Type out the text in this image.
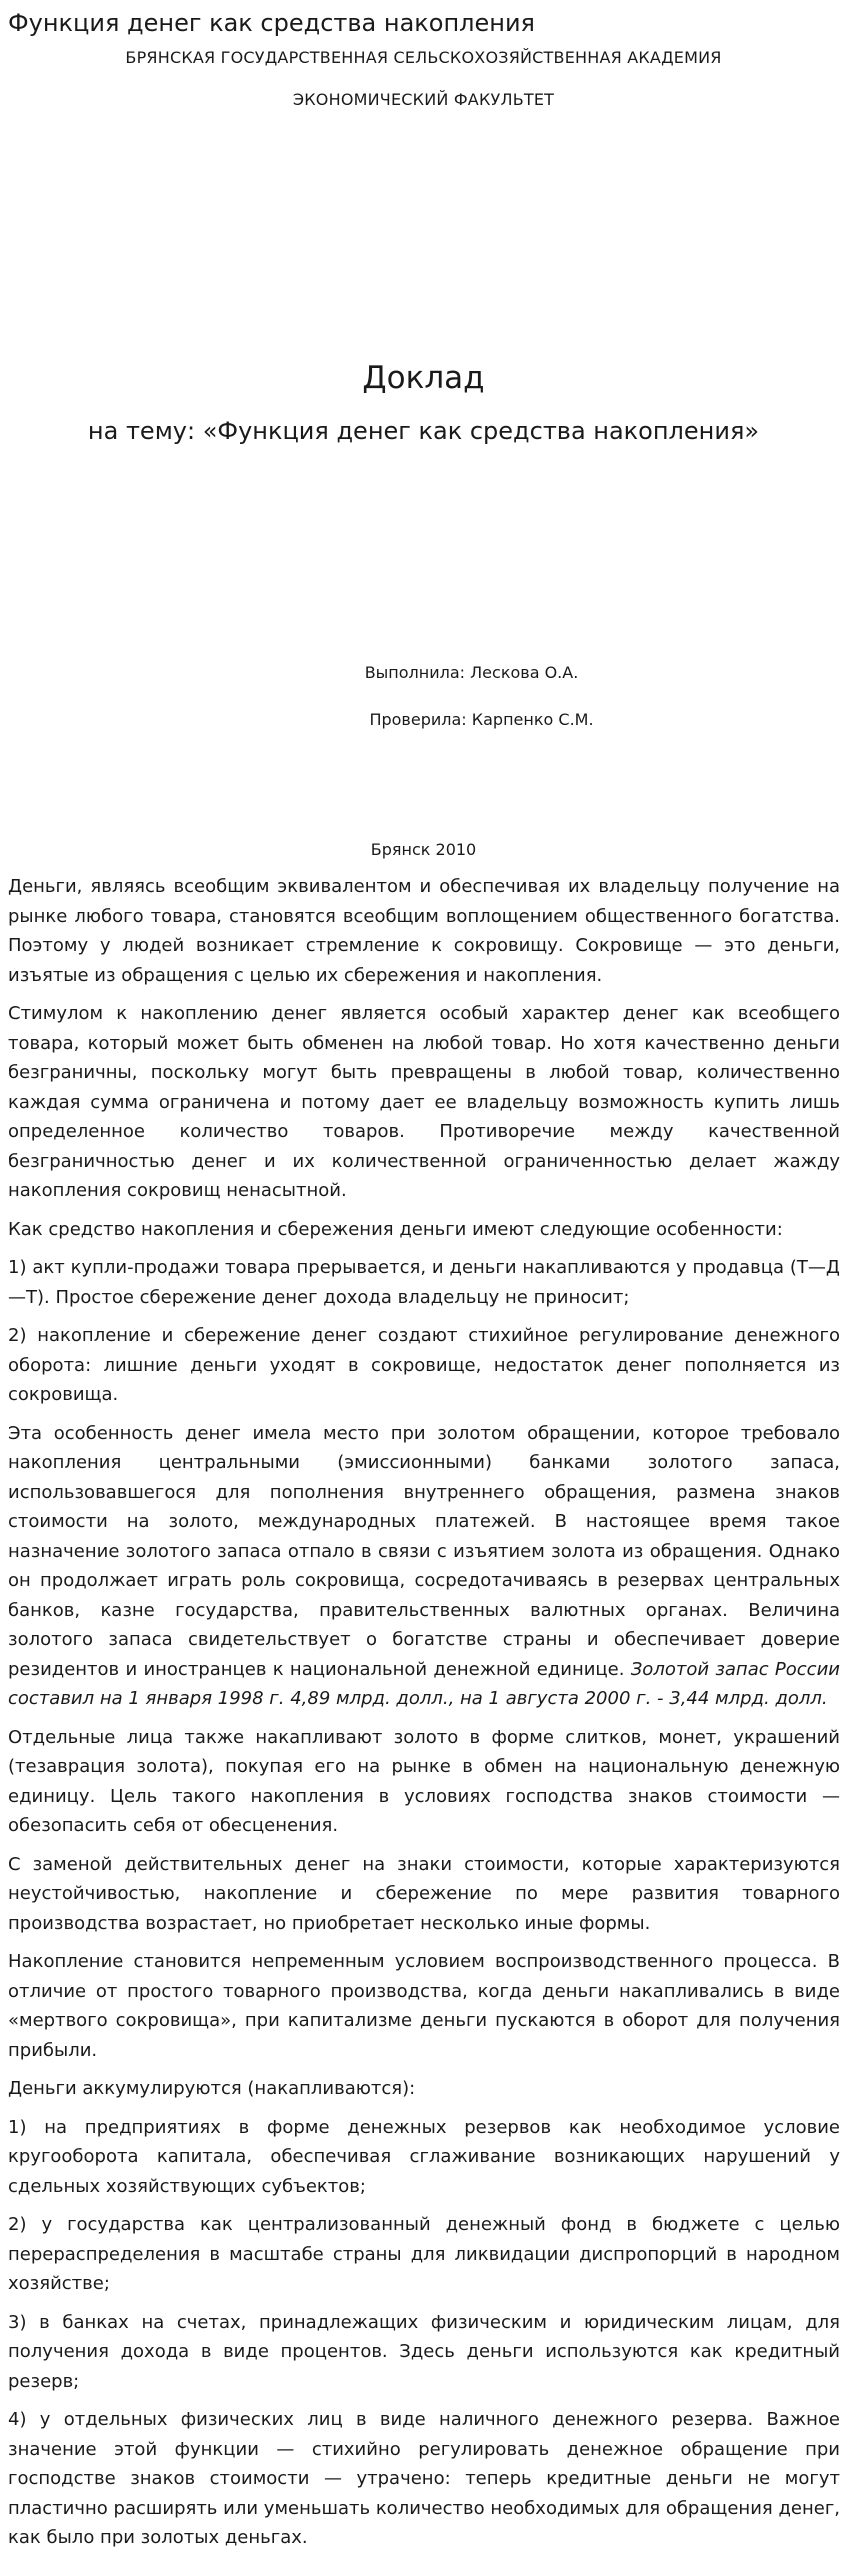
Функция денег как средства накопления
БРЯНСКАЯ ГОСУДАРСТВЕННАЯ СЕЛЬСКОХОЗЯЙСТВЕННАЯ АКАДЕМИЯ
ЭКОНОМИЧЕСКИЙ ФАКУЛЬТЕТ
Доклад
на тему: «Функция денег как средства накопления»
Выполнила: Лескова О.А.
Проверила: Карпенко С.М.
Брянск 2010

Деньги, являясь всеобщим эквивалентом и обеспечивая их владельцу получение на рынке любого товара, становятся всеобщим воплощением общественного богатства. Поэтому у людей возникает стремление к сокровищу. Сокровище — это деньги, изъятые из обращения с целью их сбережения и накопления.

Стимулом к накоплению денег является особый характер денег как всеобщего товара, который может быть обменен на любой товар. Но хотя качественно деньги безграничны, поскольку могут быть превращены в любой товар, количественно каждая сумма ограничена и потому дает ее владельцу возможность купить лишь определенное количество товаров. Противоречие между качественной безграничностью денег и их количественной ограниченностью делает жажду накопления сокровищ ненасытной.

Как средство накопления и сбережения деньги имеют следующие особенности:

1) акт купли-продажи товара прерывается, и деньги накапливаются у продавца (Т—Д—Т). Простое сбережение денег дохода владельцу не приносит;

2) накопление и сбережение денег создают стихийное регулирование денежного оборота: лишние деньги уходят в сокровище, недостаток денег пополняется из сокровища.

Эта особенность денег имела место при золотом обращении, которое требовало накопления центральными (эмиссионными) банками золотого запаса, использовавшегося для пополнения внутреннего обращения, размена знаков стоимости на золото, международных платежей. В настоящее время такое назначение золотого запаса отпало в связи с изъятием золота из обращения. Однако он продолжает играть роль сокровища, сосредотачиваясь в резервах центральных банков, казне государства, правительственных валютных органах. Величина золотого запаса свидетельствует о богатстве страны и обеспечивает доверие резидентов и иностранцев к национальной денежной единице. Золотой запас России составил на 1 января 1998 г. 4,89 млрд. долл., на 1 августа 2000 г. - 3,44 млрд. долл.

Отдельные лица также накапливают золото в форме слитков, монет, украшений (тезаврация золота), покупая его на рынке в обмен на национальную денежную единицу. Цель такого накопления в условиях господства знаков стоимости — обезопасить себя от обесценения.

С заменой действительных денег на знаки стоимости, которые характеризуются неустойчивостью, накопление и сбережение по мере развития товарного производства возрастает, но приобретает несколько иные формы.

Накопление становится непременным условием воспроизводственного процесса. В отличие от простого товарного производства, когда деньги накапливались в виде «мертвого сокровища», при капитализме деньги пускаются в оборот для получения прибыли.

Деньги аккумулируются (накапливаются):

1) на предприятиях в форме денежных резервов как необходимое условие кругооборота капитала, обеспечивая сглаживание возникающих нарушений у сдельных хозяйствующих субъектов;

2) у государства как централизованный денежный фонд в бюджете с целью перераспределения в масштабе страны для ликвидации диспропорций в народном хозяйстве;

3) в банках на счетах, принадлежащих физическим и юридическим лицам, для получения дохода в виде процентов. Здесь деньги используются как кредитный резерв;

4) у отдельных физических лиц в виде наличного денежного резерва. Важное значение этой функции — стихийно регулировать денежное обращение при господстве знаков стоимости — утрачено: теперь кредитные деньги не могут пластично расширять или уменьшать количество необходимых для обращения денег, как было при золотых деньгах.
